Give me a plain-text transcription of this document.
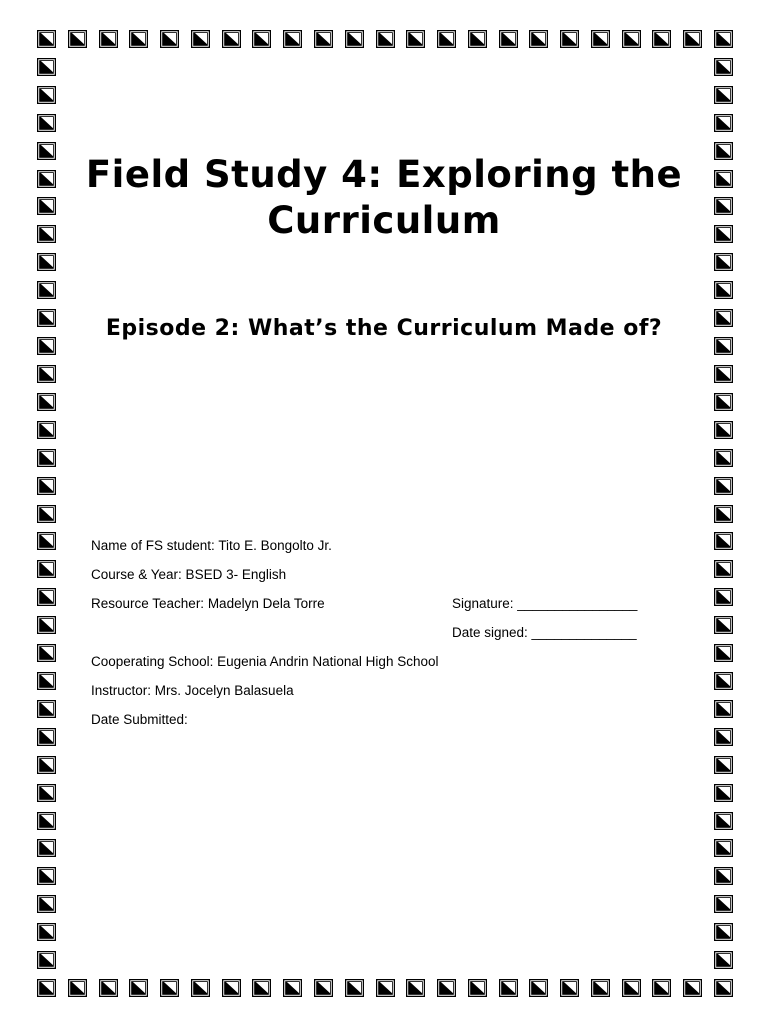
Field Study 4: Exploring the Curriculum
Episode 2: What’s the Curriculum Made of?
Name of FS student: Tito E. Bongolto Jr.
Course & Year: BSED 3- English
Resource Teacher: Madelyn Dela Torre	Signature: ________________
Date signed: ______________
Cooperating School: Eugenia Andrin National High School
Instructor: Mrs. Jocelyn Balasuela
Date Submitted:
